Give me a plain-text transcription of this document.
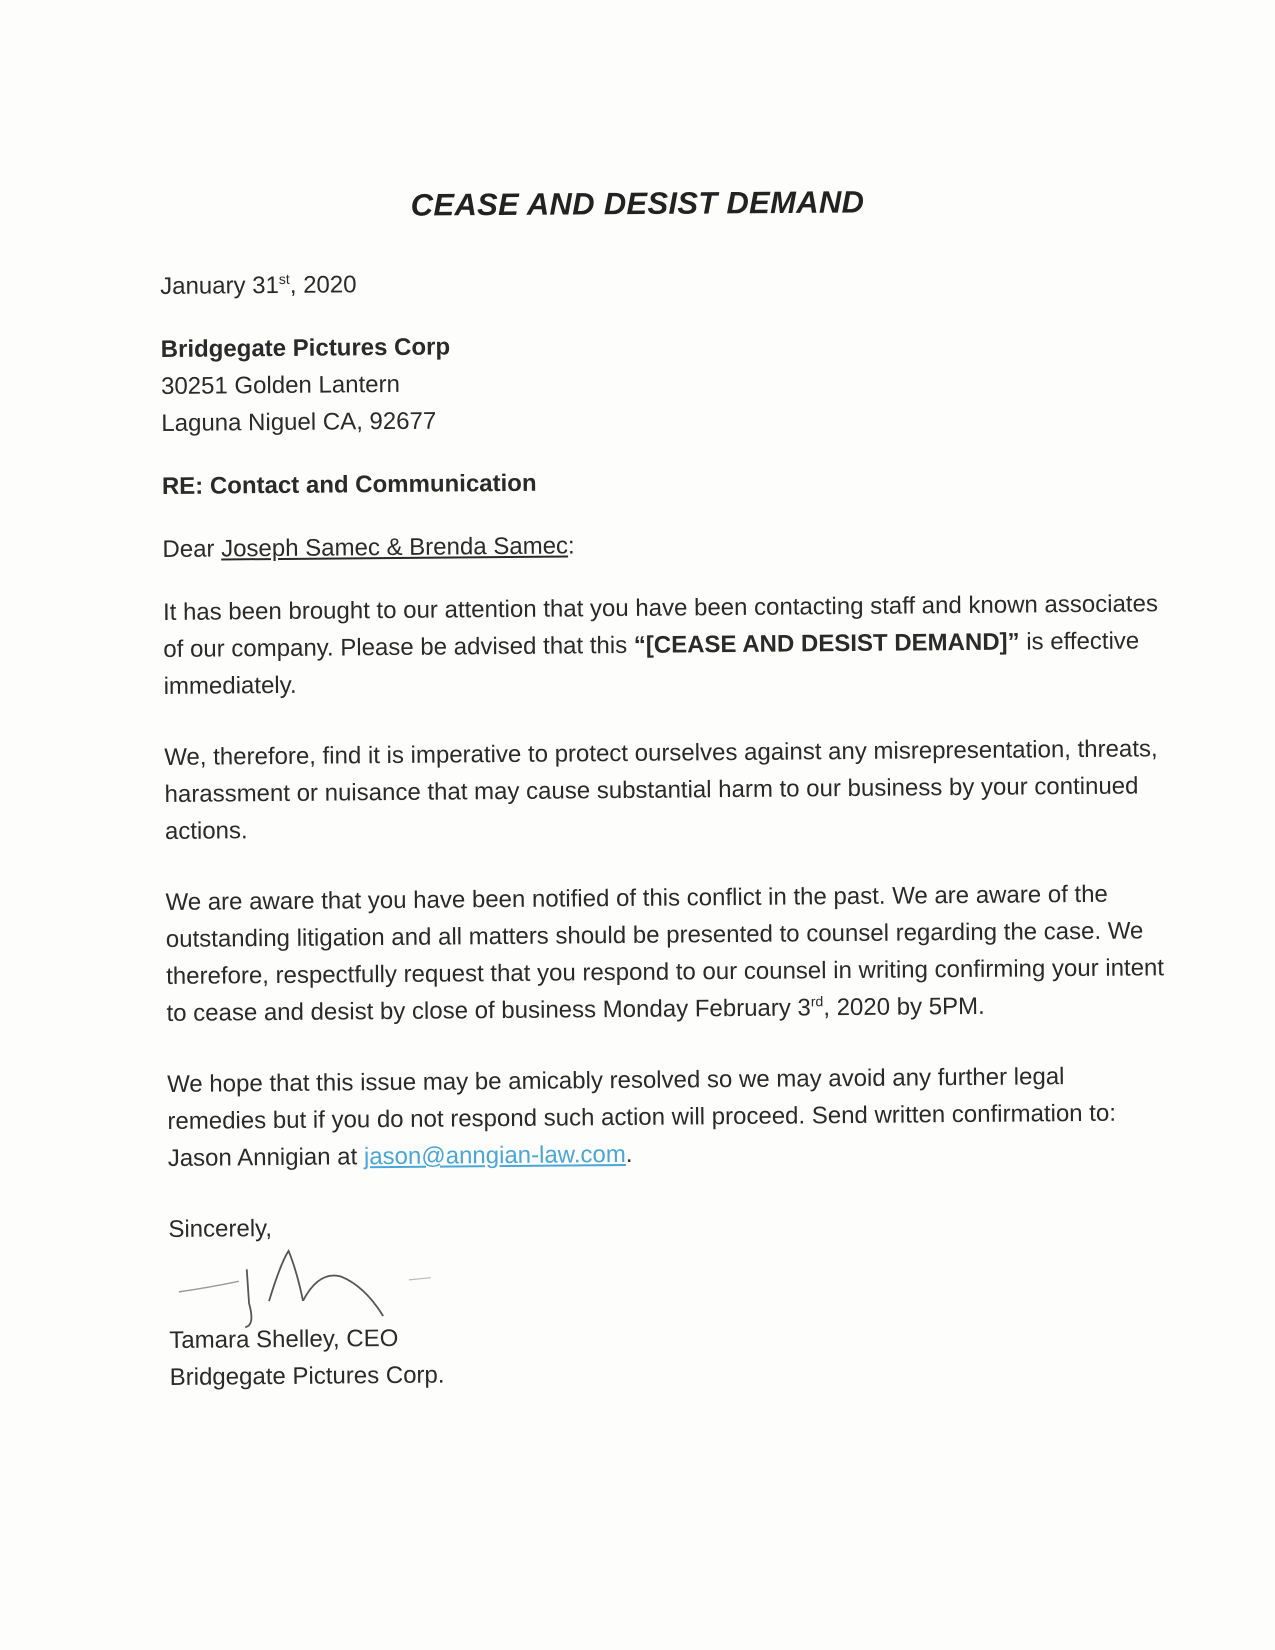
CEASE AND DESIST DEMAND

January 31st, 2020

Bridgegate Pictures Corp
30251 Golden Lantern
Laguna Niguel CA, 92677

RE: Contact and Communication

Dear Joseph Samec & Brenda Samec:

It has been brought to our attention that you have been contacting staff and known associates of our company. Please be advised that this “[CEASE AND DESIST DEMAND]” is effective immediately.

We, therefore, find it is imperative to protect ourselves against any misrepresentation, threats, harassment or nuisance that may cause substantial harm to our business by your continued actions.

We are aware that you have been notified of this conflict in the past. We are aware of the outstanding litigation and all matters should be presented to counsel regarding the case. We therefore, respectfully request that you respond to our counsel in writing confirming your intent to cease and desist by close of business Monday February 3rd, 2020 by 5PM.

We hope that this issue may be amicably resolved so we may avoid any further legal remedies but if you do not respond such action will proceed. Send written confirmation to: Jason Annigian at jason@anngian-law.com.

Sincerely,

Tamara Shelley, CEO
Bridgegate Pictures Corp.
